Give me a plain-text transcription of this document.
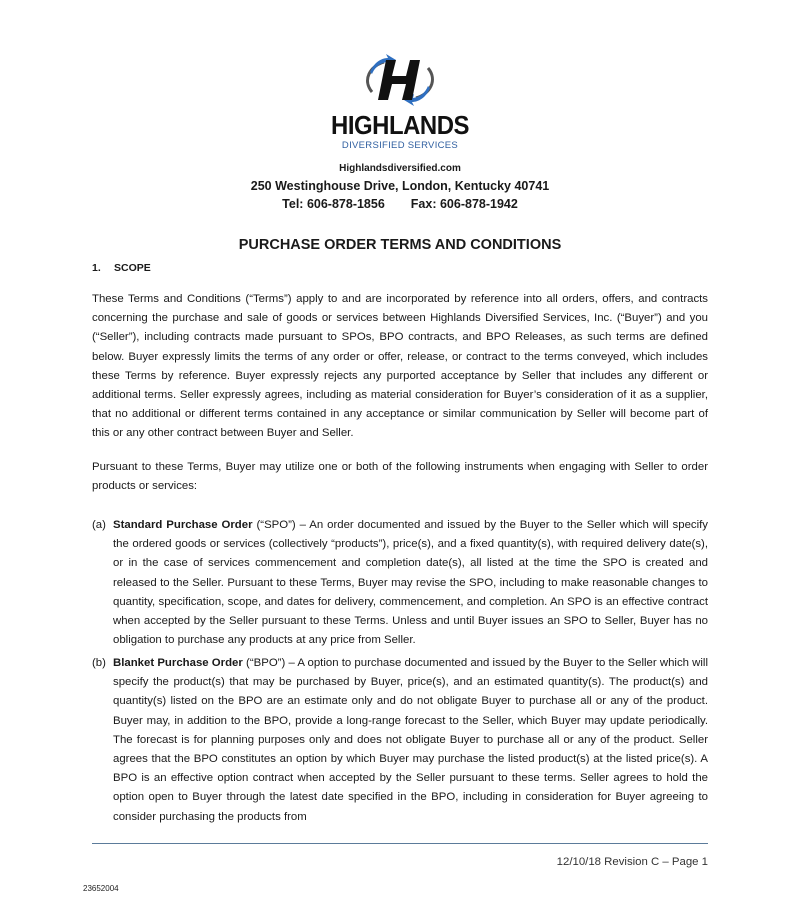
HIGHLANDS
DIVERSIFIED SERVICES
Highlandsdiversified.com
250 Westinghouse Drive, London, Kentucky 40741
Tel: 606-878-1856 Fax: 606-878-1942
PURCHASE ORDER TERMS AND CONDITIONS
1. SCOPE
These Terms and Conditions (“Terms”) apply to and are incorporated by reference into all orders, offers, and contracts concerning the purchase and sale of goods or services between Highlands Diversified Services, Inc. (“Buyer”) and you (“Seller”), including contracts made pursuant to SPOs, BPO contracts, and BPO Releases, as such terms are defined below. Buyer expressly limits the terms of any order or offer, release, or contract to the terms conveyed, which includes these Terms by reference. Buyer expressly rejects any purported acceptance by Seller that includes any different or additional terms. Seller expressly agrees, including as material consideration for Buyer’s consideration of it as a supplier, that no additional or different terms contained in any acceptance or similar communication by Seller will become part of this or any other contract between Buyer and Seller.
Pursuant to these Terms, Buyer may utilize one or both of the following instruments when engaging with Seller to order products or services:
(a) Standard Purchase Order (“SPO”) – An order documented and issued by the Buyer to the Seller which will specify the ordered goods or services (collectively “products”), price(s), and a fixed quantity(s), with required delivery date(s), or in the case of services commencement and completion date(s), all listed at the time the SPO is created and released to the Seller. Pursuant to these Terms, Buyer may revise the SPO, including to make reasonable changes to quantity, specification, scope, and dates for delivery, commencement, and completion. An SPO is an effective contract when accepted by the Seller pursuant to these Terms. Unless and until Buyer issues an SPO to Seller, Buyer has no obligation to purchase any products at any price from Seller.
(b) Blanket Purchase Order (“BPO”) – A option to purchase documented and issued by the Buyer to the Seller which will specify the product(s) that may be purchased by Buyer, price(s), and an estimated quantity(s). The product(s) and quantity(s) listed on the BPO are an estimate only and do not obligate Buyer to purchase all or any of the product. Buyer may, in addition to the BPO, provide a long-range forecast to the Seller, which Buyer may update periodically. The forecast is for planning purposes only and does not obligate Buyer to purchase all or any of the product. Seller agrees that the BPO constitutes an option by which Buyer may purchase the listed product(s) at the listed price(s). A BPO is an effective option contract when accepted by the Seller pursuant to these terms. Seller agrees to hold the option open to Buyer through the latest date specified in the BPO, including in consideration for Buyer agreeing to consider purchasing the products from
12/10/18 Revision C – Page 1
23652004
